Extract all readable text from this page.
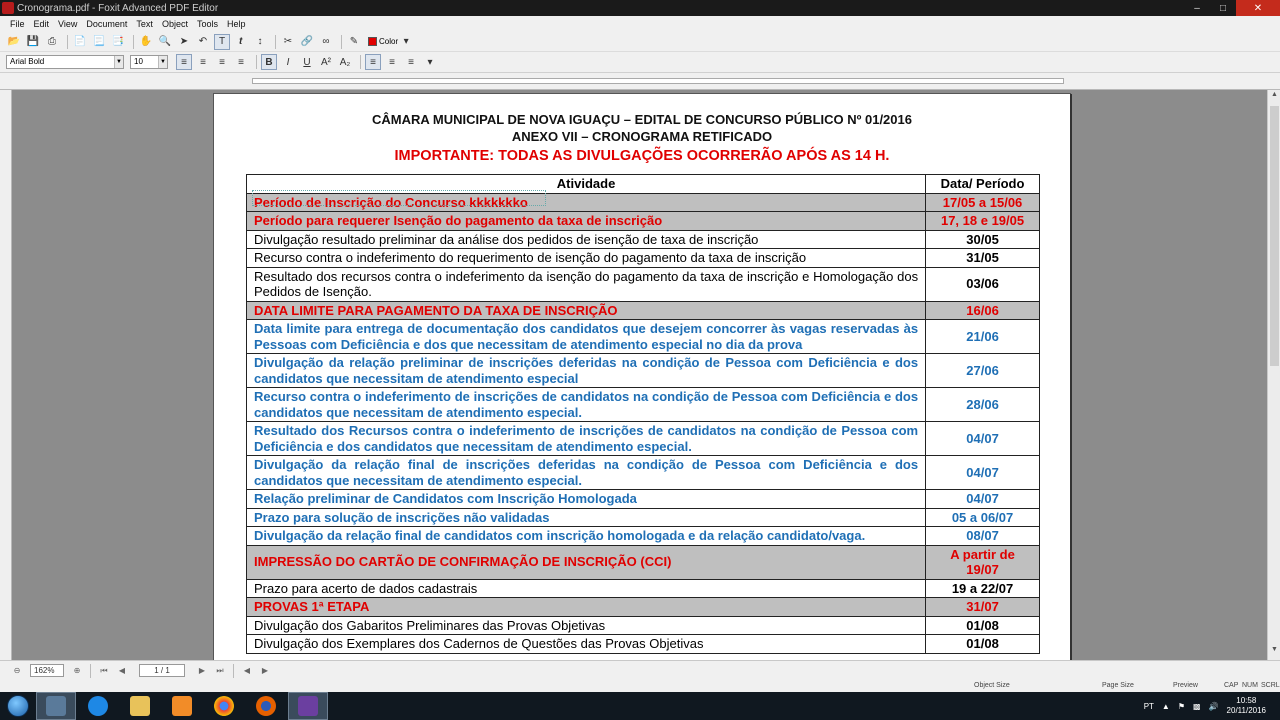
Cronograma.pdf - Foxit Advanced PDF Editor	–	□	✕
File Edit View Document Text Object Tools Help
📂 💾 ⎙	📄 📃 📑 ✋ 🔍 ➤	↶	T	𝒕	↕	✂ 🔗 ∞	✎	Color ▾
Arial Bold	▼	10	▼	≡	≡	≡	≡	B I U	A² A₂	≡	≡	≡	▾
CÂMARA MUNICIPAL DE NOVA IGUAÇU – EDITAL DE CONCURSO PÚBLICO Nº 01/2016
ANEXO VII – CRONOGRAMA RETIFICADO
IMPORTANTE: TODAS AS DIVULGAÇÕES OCORRERÃO APÓS AS 14 H.
Atividade	Data/ Período
Período de Inscrição do Concurso kkkkkkko	17/05 a 15/06
Período para requerer Isenção do pagamento da taxa de inscrição	17, 18 e 19/05
Divulgação resultado preliminar da análise dos pedidos de isenção de taxa de inscrição	30/05
Recurso contra o indeferimento do requerimento de isenção do pagamento da taxa de inscrição	31/05
Resultado dos recursos contra o indeferimento da isenção do pagamento da taxa de inscrição e Homologação dos Pedidos de Isenção.	03/06
DATA LIMITE PARA PAGAMENTO DA TAXA DE INSCRIÇÃO	16/06
Data limite para entrega de documentação dos candidatos que desejem concorrer às vagas reservadas às Pessoas com Deficiência e dos que necessitam de atendimento especial no dia da prova	21/06
Divulgação da relação preliminar de inscrições deferidas na condição de Pessoa com Deficiência e dos candidatos que necessitam de atendimento especial	27/06
Recurso contra o indeferimento de inscrições de candidatos na condição de Pessoa com Deficiência e dos candidatos que necessitam de atendimento especial.	28/06
Resultado dos Recursos contra o indeferimento de inscrições de candidatos na condição de Pessoa com Deficiência e dos candidatos que necessitam de atendimento especial.	04/07
Divulgação da relação final de inscrições deferidas na condição de Pessoa com Deficiência e dos candidatos que necessitam de atendimento especial.	04/07
Relação preliminar de Candidatos com Inscrição Homologada	04/07
Prazo para solução de inscrições não validadas	05 a 06/07
Divulgação da relação final de candidatos com inscrição homologada e da relação candidato/vaga.	08/07
IMPRESSÃO DO CARTÃO DE CONFIRMAÇÃO DE INSCRIÇÃO (CCI)	A partir de 19/07
Prazo para acerto de dados cadastrais	19 a 22/07
PROVAS 1ª ETAPA	31/07
Divulgação dos Gabaritos Preliminares das Provas Objetivas	01/08
Divulgação dos Exemplares dos Cadernos de Questões das Provas Objetivas	01/08
▲
▼
⊖	162%	⊕	⏮	◀	1 / 1	▶	⏭	◀	▶
Object Size	Page Size	Preview	CAP NUM SCRL
PT ▲ ⚑ ▩ 🔊
10:58
20/11/2016
